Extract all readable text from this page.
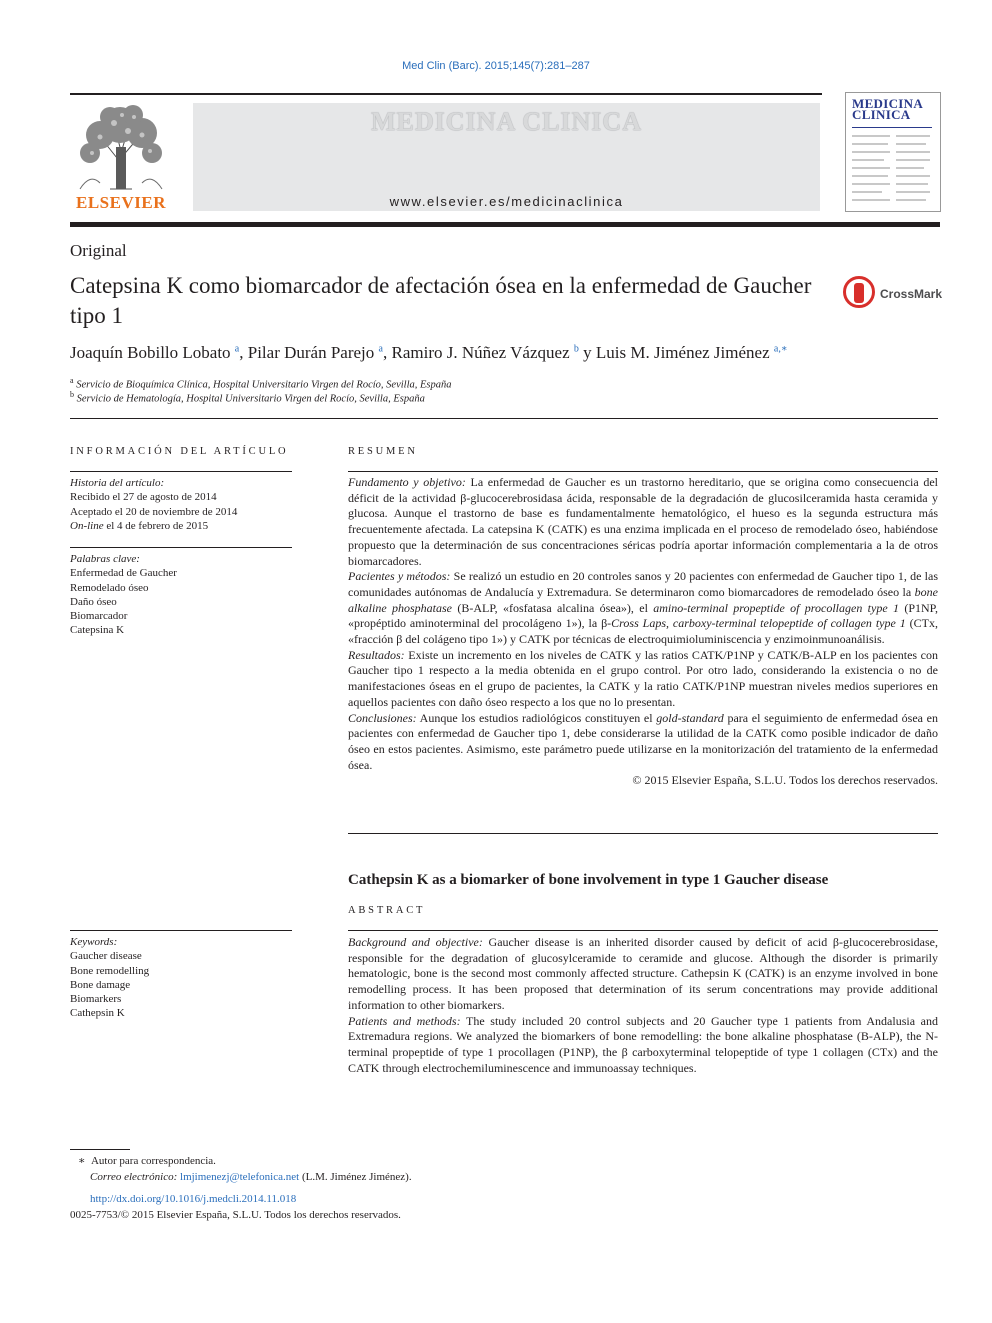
Med Clin (Barc). 2015;145(7):281–287
ELSEVIER
MEDICINA CLINICA
www.elsevier.es/medicinaclinica
MEDICINA
CLINICA
Original
Catepsina K como biomarcador de afectación ósea en la enfermedad de Gaucher tipo 1
CrossMark
Joaquín Bobillo Lobato $^a$, Pilar Durán Parejo $^a$, Ramiro J. Núñez Vázquez $^b$ y Luis M. Jiménez Jiménez $^{a,∗}$
$^a$ Servicio de Bioquímica Clínica, Hospital Universitario Virgen del Rocío, Sevilla, España
$^b$ Servicio de Hematología, Hospital Universitario Virgen del Rocío, Sevilla, España
INFORMACIÓN DEL ARTÍCULO
Historia del artículo:
Recibido el 27 de agosto de 2014
Aceptado el 20 de noviembre de 2014
On-line el 4 de febrero de 2015
Palabras clave:
Enfermedad de Gaucher
Remodelado óseo
Daño óseo
Biomarcador
Catepsina K
Keywords:
Gaucher disease
Bone remodelling
Bone damage
Biomarkers
Cathepsin K
RESUMEN
Fundamento y objetivo: La enfermedad de Gaucher es un trastorno hereditario, que se origina como consecuencia del déficit de la actividad β-glucocerebrosidasa ácida, responsable de la degradación de glucosilceramida hasta ceramida y glucosa. Aunque el trastorno de base es fundamentalmente hematológico, el hueso es la segunda estructura más frecuentemente afectada. La catepsina K (CATK) es una enzima implicada en el proceso de remodelado óseo, habiéndose propuesto que la determinación de sus concentraciones séricas podría aportar información complementaria a la de otros biomarcadores.
Pacientes y métodos: Se realizó un estudio en 20 controles sanos y 20 pacientes con enfermedad de Gaucher tipo 1, de las comunidades autónomas de Andalucía y Extremadura. Se determinaron como biomarcadores de remodelado óseo la bone alkaline phosphatase (B-ALP, «fosfatasa alcalina ósea»), el amino-terminal propeptide of procollagen type 1 (P1NP, «propéptido aminoterminal del procolágeno 1»), la β-Cross Laps, carboxy-terminal telopeptide of collagen type 1 (CTx, «fracción β del colágeno tipo 1») y CATK por técnicas de electroquimioluminiscencia y enzimoinmunoanálisis.
Resultados: Existe un incremento en los niveles de CATK y las ratios CATK/P1NP y CATK/B-ALP en los pacientes con Gaucher tipo 1 respecto a la media obtenida en el grupo control. Por otro lado, considerando la existencia o no de manifestaciones óseas en el grupo de pacientes, la CATK y la ratio CATK/P1NP muestran niveles medios superiores en aquellos pacientes con daño óseo respecto a los que no lo presentan.
Conclusiones: Aunque los estudios radiológicos constituyen el gold-standard para el seguimiento de enfermedad ósea en pacientes con enfermedad de Gaucher tipo 1, debe considerarse la utilidad de la CATK como posible indicador de daño óseo en estos pacientes. Asimismo, este parámetro puede utilizarse en la monitorización del tratamiento de la enfermedad ósea.
© 2015 Elsevier España, S.L.U. Todos los derechos reservados.
Cathepsin K as a biomarker of bone involvement in type 1 Gaucher disease
ABSTRACT
Background and objective: Gaucher disease is an inherited disorder caused by deficit of acid β-glucocerebrosidase, responsible for the degradation of glucosylceramide to ceramide and glucose. Although the disorder is primarily hematologic, bone is the second most commonly affected structure. Cathepsin K (CATK) is an enzyme involved in bone remodelling process. It has been proposed that determination of its serum concentrations may provide additional information to other biomarkers.
Patients and methods: The study included 20 control subjects and 20 Gaucher type 1 patients from Andalusia and Extremadura regions. We analyzed the biomarkers of bone remodelling: the bone alkaline phosphatase (B-ALP), the N-terminal propeptide of type 1 procollagen (P1NP), the β carboxyterminal telopeptide of type 1 collagen (CTx) and the CATK through electrochemiluminescence and immunoassay techniques.
∗ Autor para correspondencia.
Correo electrónico: lmjimenezj@telefonica.net (L.M. Jiménez Jiménez).
http://dx.doi.org/10.1016/j.medcli.2014.11.018
0025-7753/© 2015 Elsevier España, S.L.U. Todos los derechos reservados.
